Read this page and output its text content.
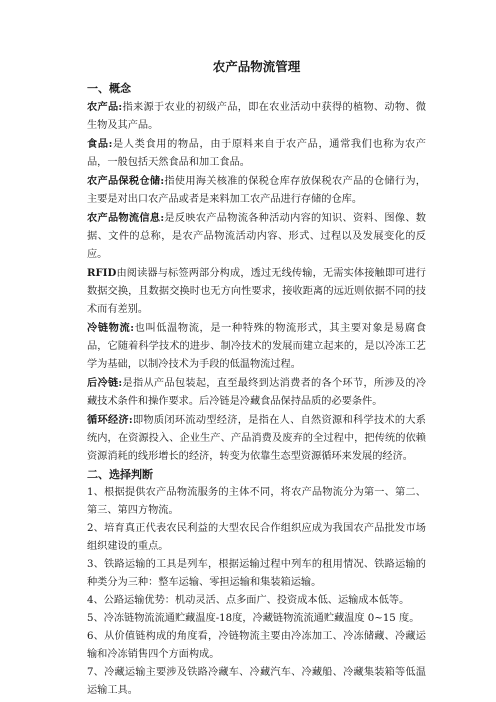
农产品物流管理
一、概念

农产品:指来源于农业的初级产品，即在农业活动中获得的植物、动物、微生物及其产品。

食品:是人类食用的物品，由于原料来自于农产品，通常我们也称为农产品，一般包括天然食品和加工食品。

农产品保税仓储:指使用海关核准的保税仓库存放保税农产品的仓储行为，主要是对出口农产品或者是来料加工农产品进行存储的仓库。

农产品物流信息:是反映农产品物流各种活动内容的知识、资料、图像、数据、文件的总称，是农产品物流活动内容、形式、过程以及发展变化的反应。

RFID由阅读器与标签两部分构成，透过无线传输，无需实体接触即可进行数据交换，且数据交换时也无方向性要求，接收距离的远近则依据不同的技术而有差别。

冷链物流:也叫低温物流，是一种特殊的物流形式，其主要对象是易腐食品，它随着科学技术的进步、制冷技术的发展而建立起来的，是以冷冻工艺学为基础，以制冷技术为手段的低温物流过程。

后冷链:是指从产品包装起，直至最终到达消费者的各个环节，所涉及的冷藏技术条件和操作要求。后冷链是冷藏食品保持品质的必要条件。

循环经济:即物质闭环流动型经济，是指在人、自然资源和科学技术的大系统内，在资源投入、企业生产、产品消费及废弃的全过程中，把传统的依赖资源消耗的线形增长的经济，转变为依靠生态型资源循环来发展的经济。

二、选择判断

1、根据提供农产品物流服务的主体不同，将农产品物流分为第一、第二、第三、第四方物流。

2、培育真正代表农民利益的大型农民合作组织应成为我国农产品批发市场组织建设的重点。

3、铁路运输的工具是列车，根据运输过程中列车的租用情况、铁路运输的种类分为三种：整车运输、零担运输和集装箱运输。

4、公路运输优势：机动灵活、点多面广、投资成本低、运输成本低等。

5、冷冻链物流流通贮藏温度-18度，冷藏链物流流通贮藏温度 0~15 度。

6、从价值链构成的角度看，冷链物流主要由冷冻加工、冷冻储藏、冷藏运输和冷冻销售四个方面构成。

7、冷藏运输主要涉及铁路冷藏车、冷藏汽车、冷藏船、冷藏集装箱等低温运输工具。
